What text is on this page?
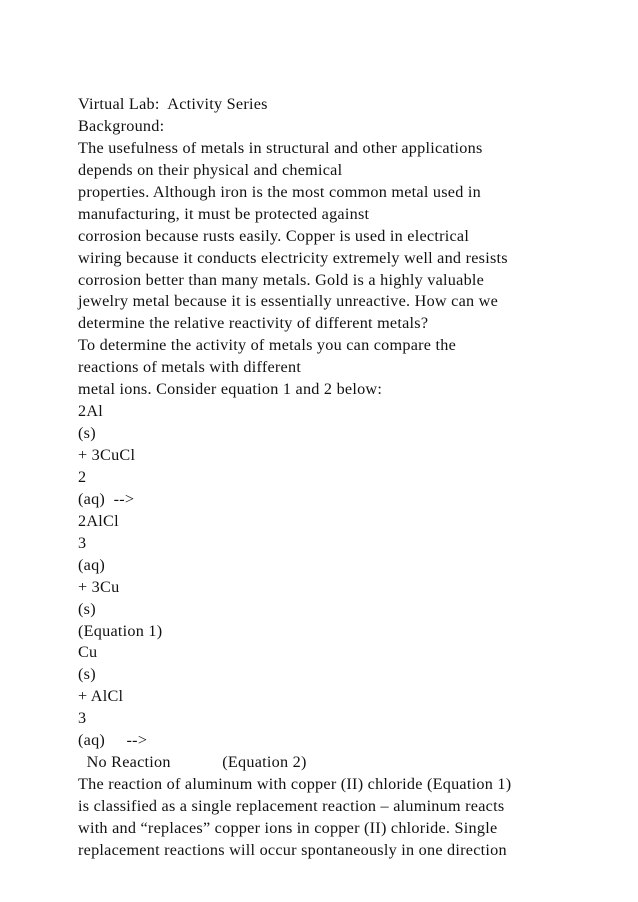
Virtual Lab:  Activity Series
Background:
The usefulness of metals in structural and other applications
depends on their physical and chemical
properties. Although iron is the most common metal used in
manufacturing, it must be protected against
corrosion because rusts easily. Copper is used in electrical
wiring because it conducts electricity extremely well and resists
corrosion better than many metals. Gold is a highly valuable
jewelry metal because it is essentially unreactive. How can we
determine the relative reactivity of different metals?
To determine the activity of metals you can compare the
reactions of metals with different
metal ions. Consider equation 1 and 2 below:
2Al
(s)
+ 3CuCl
2
(aq)  -->
2AlCl
3
(aq)
+ 3Cu
(s)
(Equation 1)
Cu
(s)
+ AlCl
3
(aq)     -->
No Reaction            (Equation 2)
The reaction of aluminum with copper (II) chloride (Equation 1)
is classified as a single replacement reaction – aluminum reacts
with and “replaces” copper ions in copper (II) chloride. Single
replacement reactions will occur spontaneously in one direction
